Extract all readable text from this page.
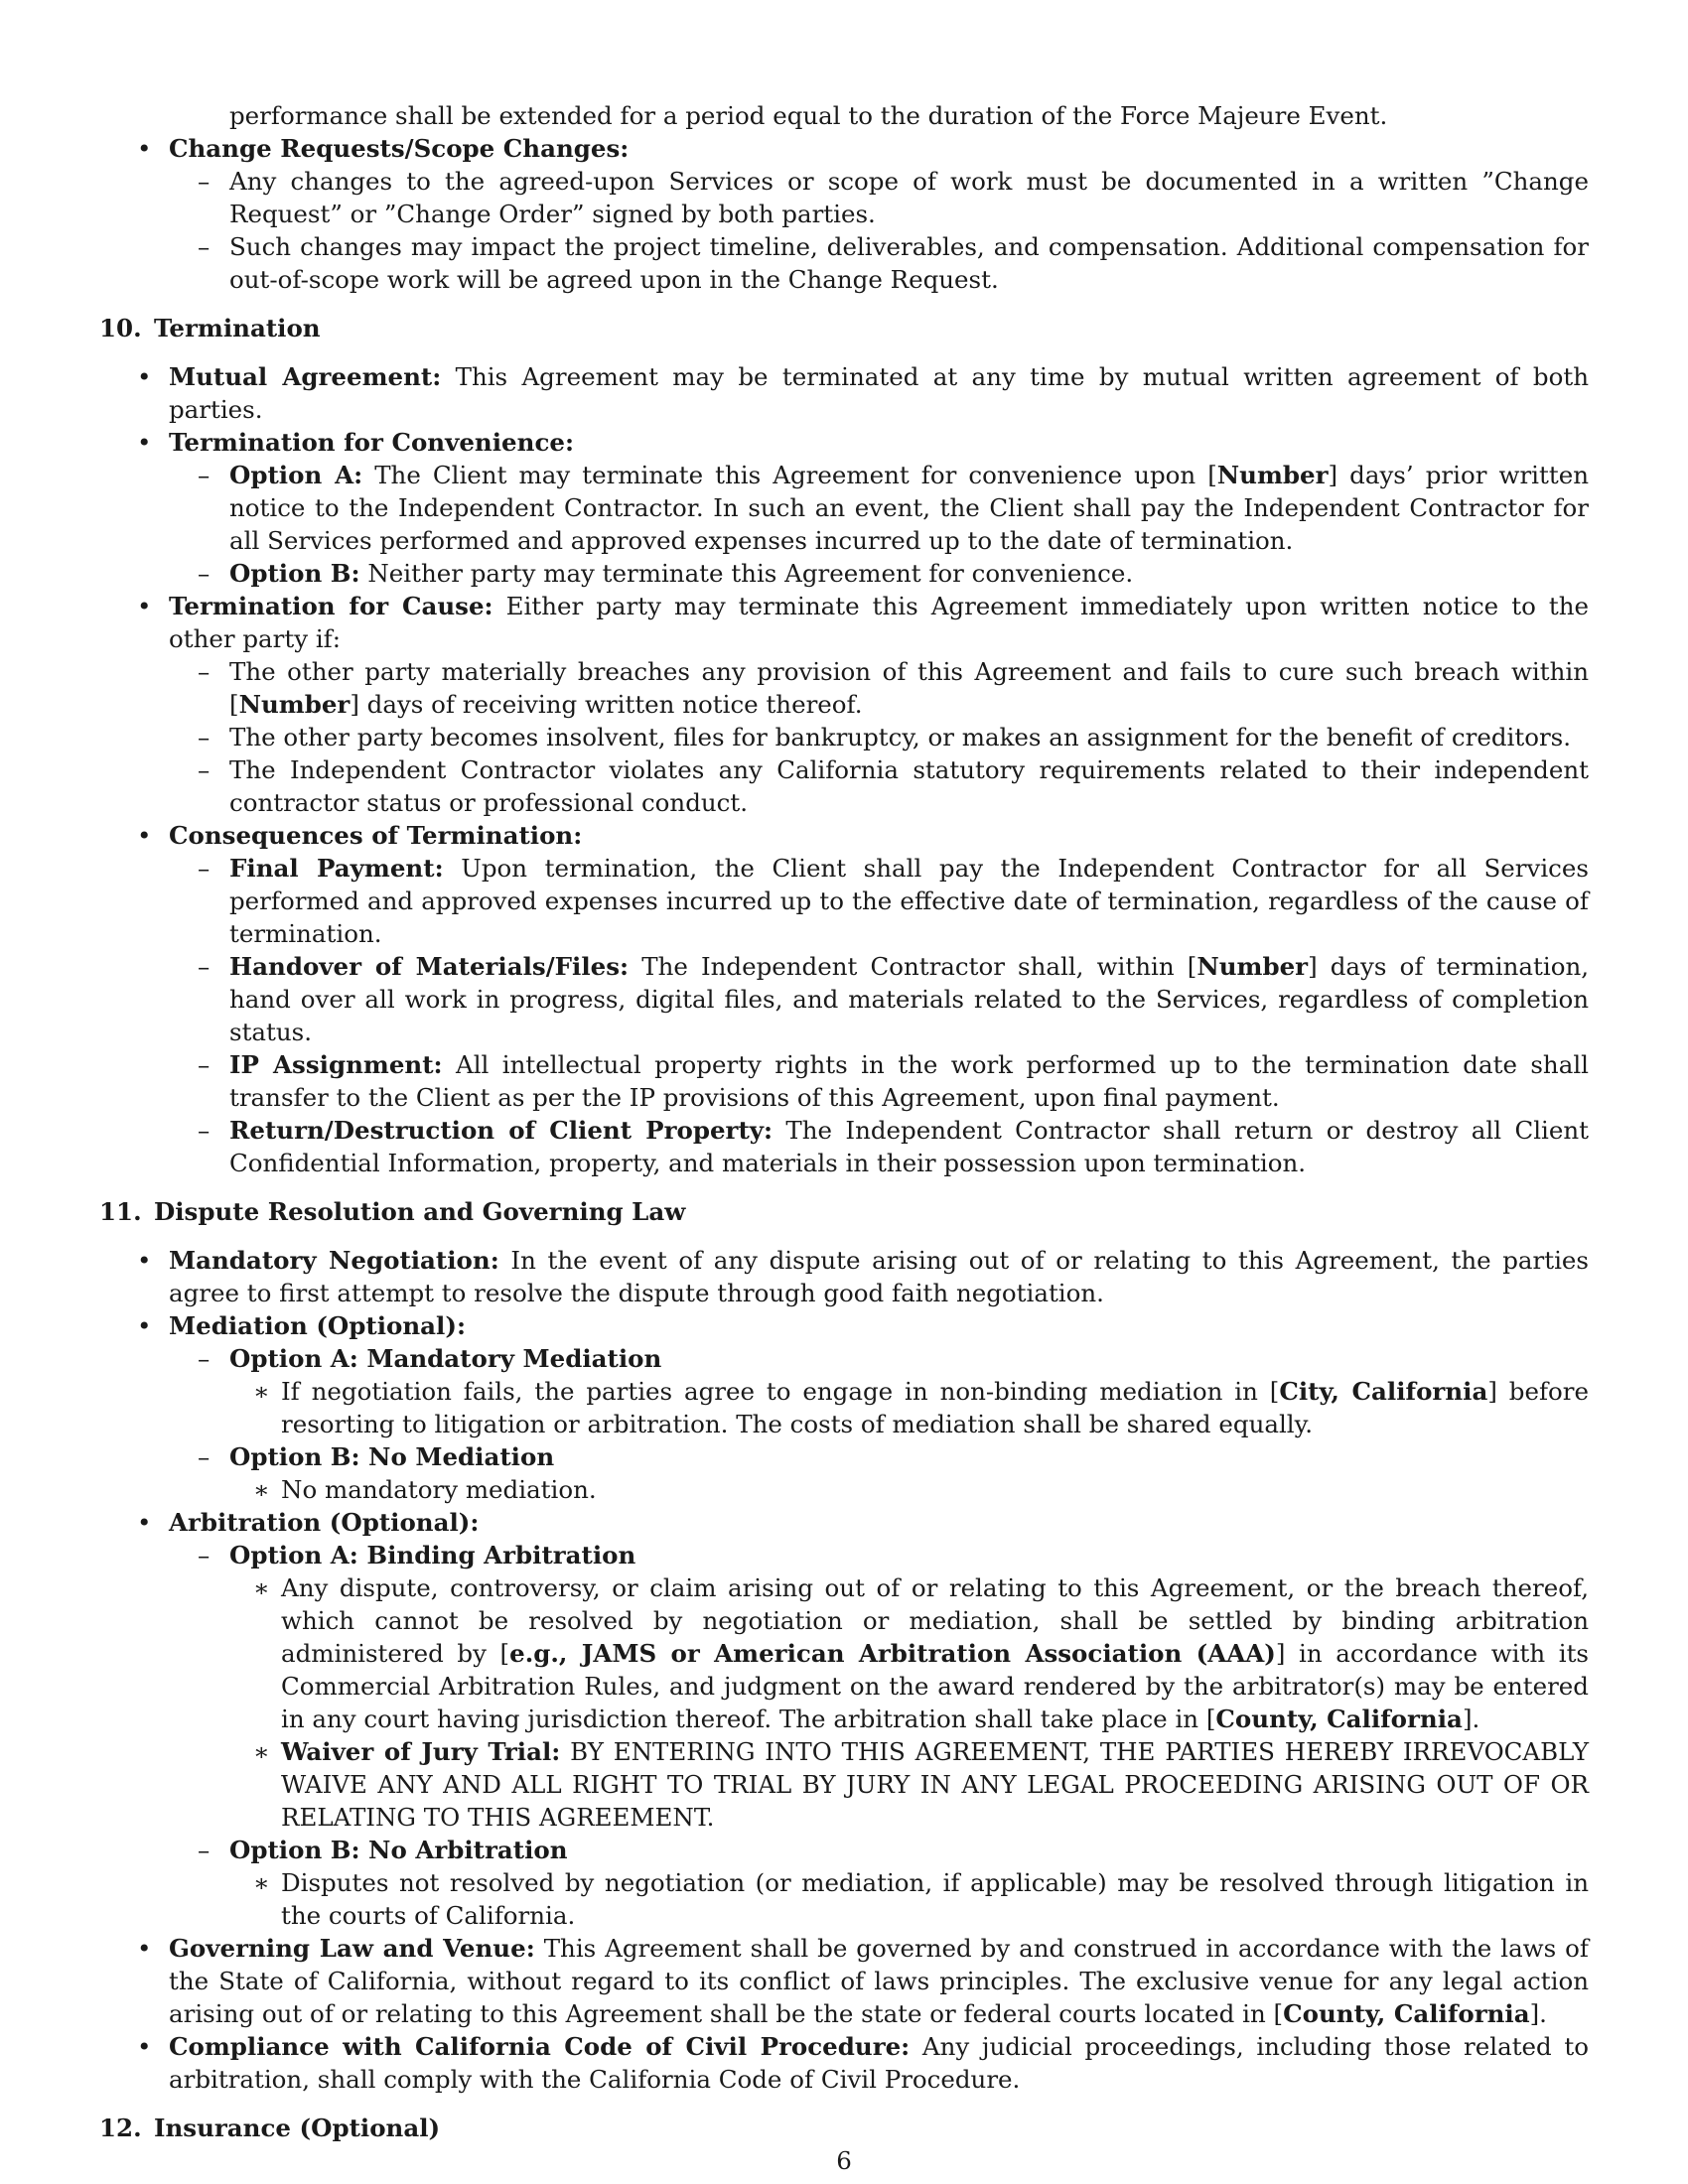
performance shall be extended for a period equal to the duration of the Force Majeure Event.

• Change Requests/Scope Changes:
– Any changes to the agreed-upon Services or scope of work must be documented in a written ”Change Request” or ”Change Order” signed by both parties.
– Such changes may impact the project timeline, deliverables, and compensation. Additional compensation for out-of-scope work will be agreed upon in the Change Request.
10. Termination
• Mutual Agreement: This Agreement may be terminated at any time by mutual written agreement of both parties.
• Termination for Convenience:
– Option A: The Client may terminate this Agreement for convenience upon [Number] days’ prior written notice to the Independent Contractor. In such an event, the Client shall pay the Independent Contractor for all Services performed and approved expenses incurred up to the date of termination.
– Option B: Neither party may terminate this Agreement for convenience.
• Termination for Cause: Either party may terminate this Agreement immediately upon written notice to the other party if:
– The other party materially breaches any provision of this Agreement and fails to cure such breach within [Number] days of receiving written notice thereof.
– The other party becomes insolvent, files for bankruptcy, or makes an assignment for the benefit of creditors.
– The Independent Contractor violates any California statutory requirements related to their independent contractor status or professional conduct.
• Consequences of Termination:
– Final Payment: Upon termination, the Client shall pay the Independent Contractor for all Services performed and approved expenses incurred up to the effective date of termination, regardless of the cause of termination.
– Handover of Materials/Files: The Independent Contractor shall, within [Number] days of termination, hand over all work in progress, digital files, and materials related to the Services, regardless of completion status.
– IP Assignment: All intellectual property rights in the work performed up to the termination date shall transfer to the Client as per the IP provisions of this Agreement, upon final payment.
– Return/Destruction of Client Property: The Independent Contractor shall return or destroy all Client Confidential Information, property, and materials in their possession upon termination.
11. Dispute Resolution and Governing Law
• Mandatory Negotiation: In the event of any dispute arising out of or relating to this Agreement, the parties agree to first attempt to resolve the dispute through good faith negotiation.
• Mediation (Optional):
– Option A: Mandatory Mediation
∗ If negotiation fails, the parties agree to engage in non-binding mediation in [City, California] before resorting to litigation or arbitration. The costs of mediation shall be shared equally.
– Option B: No Mediation
∗ No mandatory mediation.
• Arbitration (Optional):
– Option A: Binding Arbitration
∗ Any dispute, controversy, or claim arising out of or relating to this Agreement, or the breach thereof, which cannot be resolved by negotiation or mediation, shall be settled by binding arbitration administered by [e.g., JAMS or American Arbitration Association (AAA)] in accordance with its Commercial Arbitration Rules, and judgment on the award rendered by the arbitrator(s) may be entered in any court having jurisdiction thereof. The arbitration shall take place in [County, California].
∗ Waiver of Jury Trial: BY ENTERING INTO THIS AGREEMENT, THE PARTIES HEREBY IRREVOCABLY WAIVE ANY AND ALL RIGHT TO TRIAL BY JURY IN ANY LEGAL PROCEEDING ARISING OUT OF OR RELATING TO THIS AGREEMENT.
– Option B: No Arbitration
∗ Disputes not resolved by negotiation (or mediation, if applicable) may be resolved through litigation in the courts of California.
• Governing Law and Venue: This Agreement shall be governed by and construed in accordance with the laws of the State of California, without regard to its conflict of laws principles. The exclusive venue for any legal action arising out of or relating to this Agreement shall be the state or federal courts located in [County, California].
• Compliance with California Code of Civil Procedure: Any judicial proceedings, including those related to arbitration, shall comply with the California Code of Civil Procedure.
12. Insurance (Optional)
6
